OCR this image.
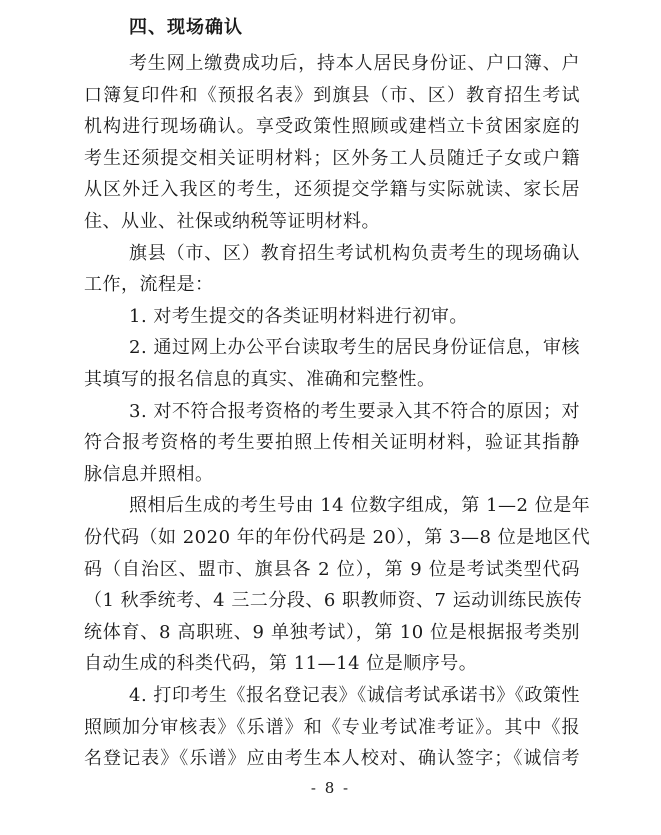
四、现场确认
考生网上缴费成功后，持本人居民身份证、户口簿、户
口簿复印件和《预报名表》到旗县（市、区）教育招生考试
机构进行现场确认。享受政策性照顾或建档立卡贫困家庭的
考生还须提交相关证明材料；区外务工人员随迁子女或户籍
从区外迁入我区的考生，还须提交学籍与实际就读、家长居
住、从业、社保或纳税等证明材料。
旗县（市、区）教育招生考试机构负责考生的现场确认
工作，流程是：
1. 对考生提交的各类证明材料进行初审。
2. 通过网上办公平台读取考生的居民身份证信息，审核
其填写的报名信息的真实、准确和完整性。
3. 对不符合报考资格的考生要录入其不符合的原因；对
符合报考资格的考生要拍照上传相关证明材料，验证其指静
脉信息并照相。
照相后生成的考生号由 14 位数字组成，第 1—2 位是年
份代码（如 2020 年的年份代码是 20），第 3—8 位是地区代
码（自治区、盟市、旗县各 2 位），第 9 位是考试类型代码
（1 秋季统考、4 三二分段、6 职教师资、7 运动训练民族传
统体育、8 高职班、9 单独考试），第 10 位是根据报考类别
自动生成的科类代码，第 11—14 位是顺序号。
4. 打印考生《报名登记表》《诚信考试承诺书》《政策性
照顾加分审核表》《乐谱》和《专业考试准考证》。其中《报
名登记表》《乐谱》应由考生本人校对、确认签字；《诚信考
- 8 -
